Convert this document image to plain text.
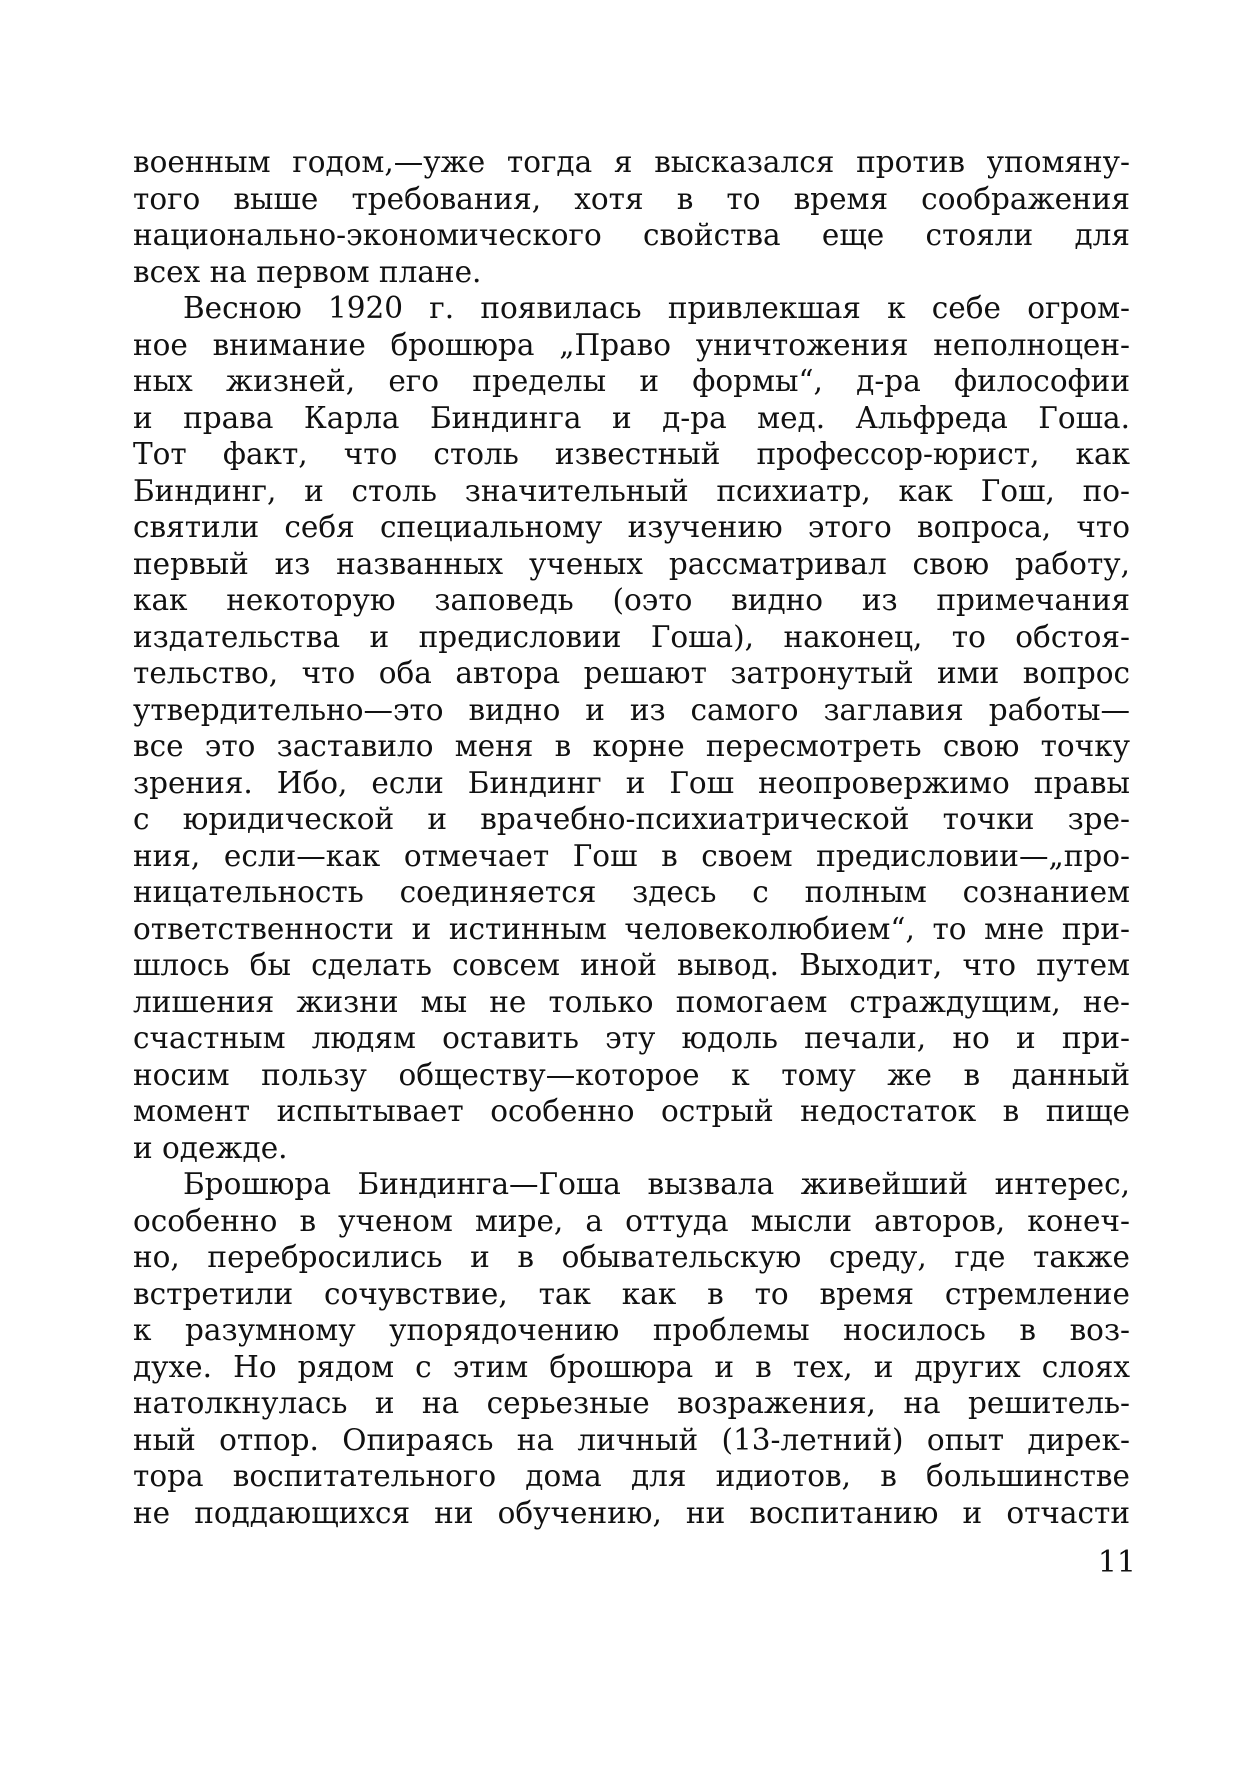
военным годом,—уже тогда я высказался против упомяну-
того выше требования, хотя в то время соображения
национально-экономического свойства еще стояли для
всех на первом плане.
Весною 1920 г. появилась привлекшая к себе огром-
ное внимание брошюра „Право уничтожения неполноцен-
ных жизней, его пределы и формы“, д-ра философии
и права Карла Биндинга и д-ра мед. Альфреда Гоша.
Тот факт, что столь известный профессор-юрист, как
Биндинг, и столь значительный психиатр, как Гош, по-
святили себя специальному изучению этого вопроса, что
первый из названных ученых рассматривал свою работу,
как некоторую заповедь (оэто видно из примечания
издательства и предисловии Гоша), наконец, то обстоя-
тельство, что оба автора решают затронутый ими вопрос
утвердительно—это видно и из самого заглавия работы—
все это заставило меня в корне пересмотреть свою точку
зрения. Ибо, если Биндинг и Гош неопровержимо правы
с юридической и врачебно-психиатрической точки зре-
ния, если—как отмечает Гош в своем предисловии—„про-
ницательность соединяется здесь с полным сознанием
ответственности и истинным человеколюбием“, то мне при-
шлось бы сделать совсем иной вывод. Выходит, что путем
лишения жизни мы не только помогаем страждущим, не-
счастным людям оставить эту юдоль печали, но и при-
носим пользу обществу—которое к тому же в данный
момент испытывает особенно острый недостаток в пище
и одежде.
Брошюра Биндинга—Гоша вызвала живейший интерес,
особенно в ученом мире, а оттуда мысли авторов, конеч-
но, перебросились и в обывательскую среду, где также
встретили сочувствие, так как в то время стремление
к разумному упорядочению проблемы носилось в воз-
духе. Но рядом с этим брошюра и в тех, и других слоях
натолкнулась и на серьезные возражения, на решитель-
ный отпор. Опираясь на личный (13-летний) опыт дирек-
тора воспитательного дома для идиотов, в большинстве
не поддающихся ни обучению, ни воспитанию и отчасти
11
